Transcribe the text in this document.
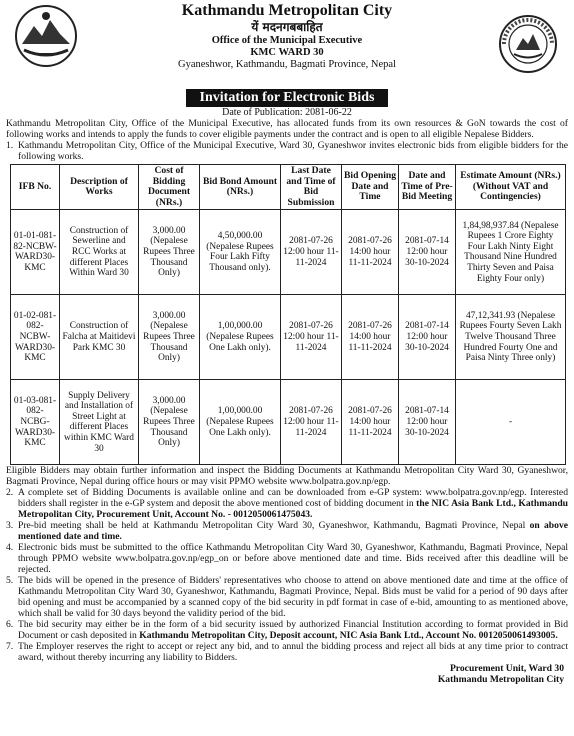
Kathmandu Metropolitan City
यें मदनगबबाहित
Office of the Municipal Executive
KMC WARD 30
Gyaneshwor, Kathmandu, Bagmati Province, Nepal
Invitation for Electronic Bids
Date of Publication: 2081-06-22
Kathmandu Metropolitan City, Office of the Municipal Executive, has allocated funds from its own resources & GoN towards the cost of following works and intends to apply the funds to cover eligible payments under the contract and is open to all eligible Nepalese Bidders.
1. Kathmandu Metropolitan City, Office of the Municipal Executive, Ward 30, Gyaneshwor invites electronic bids from eligible bidders for the following works.
IFB No.	Description of Works	Cost of Bidding Document (NRs.)	Bid Bond Amount (NRs.)	Last Date and Time of Bid Submission	Bid Opening Date and Time	Date and Time of Pre-Bid Meeting	Estimate Amount (NRs.) (Without VAT and Contingencies)
01-01-081-82-NCBW-WARD30-KMC	Construction of Sewerline and RCC Works at different Places Within Ward 30	3,000.00 (Nepalese Rupees Three Thousand Only)	4,50,000.00 (Nepalese Rupees Four Lakh Fifty Thousand only).	2081-07-26 12:00 hour 11-11-2024	2081-07-26 14:00 hour 11-11-2024	2081-07-14 12:00 hour 30-10-2024	1,84,98,937.84 (Nepalese Rupees 1 Crore Eighty Four Lakh Ninty Eight Thousand Nine Hundred Thirty Seven and Paisa Eighty Four only)
01-02-081-082-NCBW-WARD30-KMC	Construction of Falcha at Maitidevi Park KMC 30	3,000.00 (Nepalese Rupees Three Thousand Only)	1,00,000.00 (Nepalese Rupees One Lakh only).	2081-07-26 12:00 hour 11-11-2024	2081-07-26 14:00 hour 11-11-2024	2081-07-14 12:00 hour 30-10-2024	47,12,341.93 (Nepalese Rupees Fourty Seven Lakh Twelve Thousand Three Hundred Fourty One and Paisa Ninty Three only)
01-03-081-082-NCBG-WARD30-KMC	Supply Delivery and Installation of Street Light at different Places within KMC Ward 30	3,000.00 (Nepalese Rupees Three Thousand Only)	1,00,000.00 (Nepalese Rupees One Lakh only).	2081-07-26 12:00 hour 11-11-2024	2081-07-26 14:00 hour 11-11-2024	2081-07-14 12:00 hour 30-10-2024	-
Eligible Bidders may obtain further information and inspect the Bidding Documents at Kathmandu Metropolitan City Ward 30, Gyaneshwor, Bagmati Province, Nepal during office hours or may visit PPMO website www.bolpatra.gov.np/egp.
2. A complete set of Bidding Documents is available online and can be downloaded from e-GP system: www.bolpatra.gov.np/egp. Interested bidders shall register in the e-GP system and deposit the above mentioned cost of bidding document in the NIC Asia Bank Ltd., Kathmandu Metropolitan City, Procurement Unit, Account No. - 0012050061475043.
3. Pre-bid meeting shall be held at Kathmandu Metropolitan City Ward 30, Gyaneshwor, Kathmandu, Bagmati Province, Nepal on above mentioned date and time.
4. Electronic bids must be submitted to the office Kathmandu Metropolitan City Ward 30, Gyaneshwor, Kathmandu, Bagmati Province, Nepal through PPMO website www.bolpatra.gov.np/egp_on or before above mentioned date and time. Bids received after this deadline will be rejected.
5. The bids will be opened in the presence of Bidders' representatives who choose to attend on above mentioned date and time at the office of Kathmandu Metropolitan City Ward 30, Gyaneshwor, Kathmandu, Bagmati Province, Nepal. Bids must be valid for a period of 90 days after bid opening and must be accompanied by a scanned copy of the bid security in pdf format in case of e-bid, amounting to as mentioned above, which shall be valid for 30 days beyond the validity period of the bid.
6. The bid security may either be in the form of a bid security issued by authorized Financial Institution according to format provided in Bid Document or cash deposited in Kathmandu Metropolitan City, Deposit account, NIC Asia Bank Ltd., Account No. 0012050061493005.
7. The Employer reserves the right to accept or reject any bid, and to annul the bidding process and reject all bids at any time prior to contract award, without thereby incurring any liability to Bidders.
Procurement Unit, Ward 30
Kathmandu Metropolitan City
